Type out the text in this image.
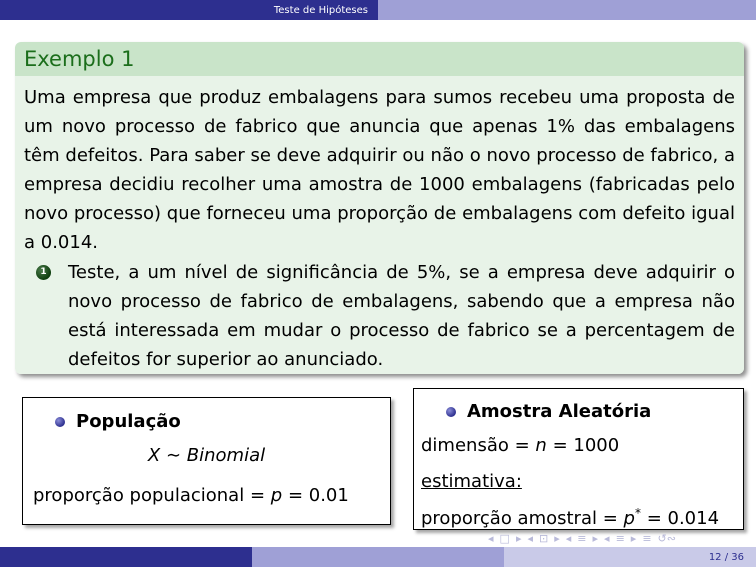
Teste de Hipóteses
Exemplo 1

Uma empresa que produz embalagens para sumos recebeu uma proposta de um novo processo de fabrico que anuncia que apenas 1% das embalagens têm defeitos. Para saber se deve adquirir ou não o novo processo de fabrico, a empresa decidiu recolher uma amostra de 1000 embalagens (fabricadas pelo novo processo) que forneceu uma proporção de embalagens com defeito igual a 0.014.

1 Teste, a um nível de significância de 5%, se a empresa deve adquirir o novo processo de fabrico de embalagens, sabendo que a empresa não está interessada em mudar o processo de fabrico se a percentagem de defeitos for superior ao anunciado.
População
X ∼ Binomial
proporção populacional = p = 0.01
Amostra Aleatória
dimensão = n = 1000
estimativa:
proporção amostral = p* = 0.014
◂ □ ▸ ◂ ⊡ ▸ ◂ ≡ ▸ ◂ ≡ ▸ ≡ ↺∾
12 / 36
